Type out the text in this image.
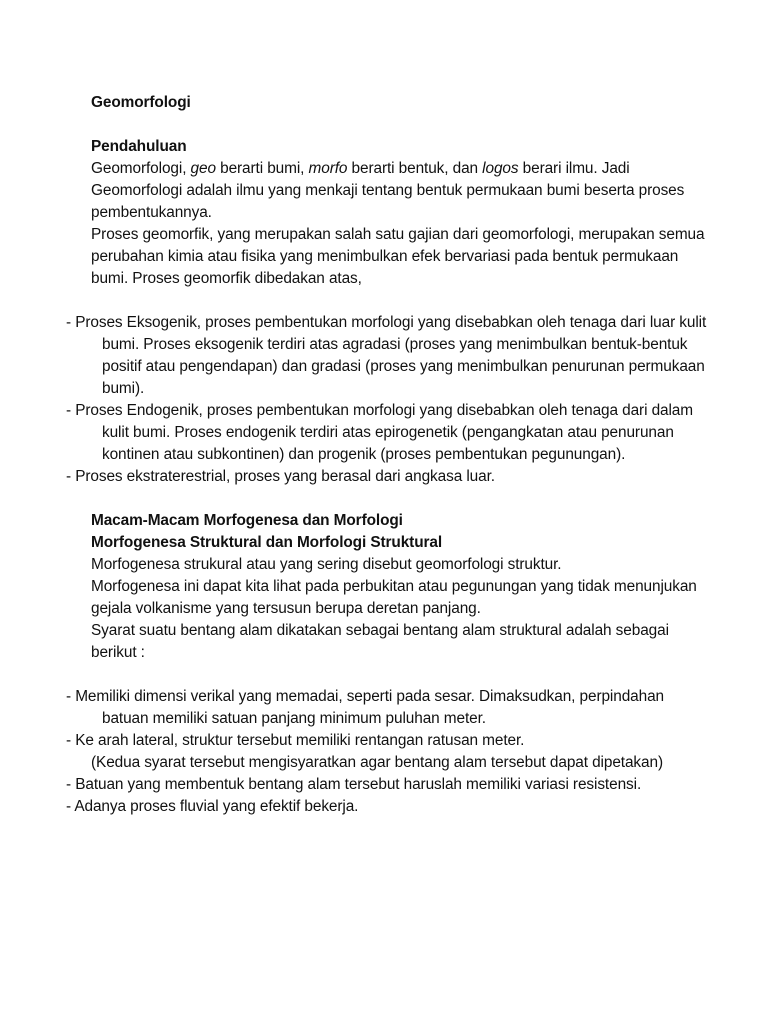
Geomorfologi
Pendahuluan
Geomorfologi, geo berarti bumi, morfo berarti bentuk, dan logos berari ilmu. Jadi Geomorfologi adalah ilmu yang menkaji tentang bentuk permukaan bumi beserta proses pembentukannya.
Proses geomorfik, yang merupakan salah satu gajian dari geomorfologi, merupakan semua perubahan kimia atau fisika yang menimbulkan efek bervariasi pada bentuk permukaan bumi. Proses geomorfik dibedakan atas,
- Proses Eksogenik, proses pembentukan morfologi yang disebabkan oleh tenaga dari luar kulit bumi. Proses eksogenik terdiri atas agradasi (proses yang menimbulkan bentuk-bentuk positif atau pengendapan) dan gradasi (proses yang menimbulkan penurunan permukaan bumi).
- Proses Endogenik, proses pembentukan morfologi yang disebabkan oleh tenaga dari dalam kulit bumi. Proses endogenik terdiri atas epirogenetik (pengangkatan atau penurunan kontinen atau subkontinen) dan progenik (proses pembentukan pegunungan).
- Proses ekstraterestrial, proses yang berasal dari angkasa luar.
Macam-Macam Morfogenesa dan Morfologi
Morfogenesa Struktural dan Morfologi Struktural
Morfogenesa strukural atau yang sering disebut geomorfologi struktur.
Morfogenesa ini dapat kita lihat pada perbukitan atau pegunungan yang tidak menunjukan gejala volkanisme yang tersusun berupa deretan panjang.
Syarat suatu bentang alam dikatakan sebagai bentang alam struktural adalah sebagai berikut :
- Memiliki dimensi verikal yang memadai, seperti pada sesar. Dimaksudkan, perpindahan batuan memiliki satuan panjang minimum puluhan meter.
- Ke arah lateral, struktur tersebut memiliki rentangan ratusan meter.
(Kedua syarat tersebut mengisyaratkan agar bentang alam tersebut dapat dipetakan)
- Batuan yang membentuk bentang alam tersebut haruslah memiliki variasi resistensi.
- Adanya proses fluvial yang efektif bekerja.
